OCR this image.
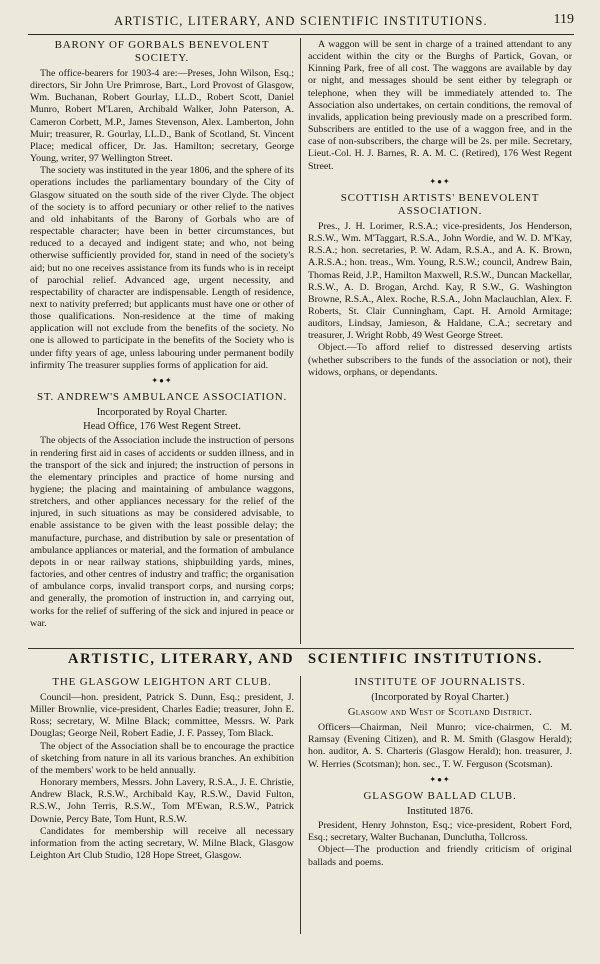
ARTISTIC, LITERARY, AND SCIENTIFIC INSTITUTIONS.	119
BARONY OF GORBALS BENEVOLENT SOCIETY.

The office-bearers for 1903-4 are:—Preses, John Wilson, Esq.; directors, Sir John Ure Primrose, Bart., Lord Provost of Glasgow, Wm. Buchanan, Robert Gourlay, LL.D., Robert Scott, Daniel Munro, Robert M'Laren, Archibald Walker, John Paterson, A. Cameron Corbett, M.P., James Stevenson, Alex. Lamberton, John Muir; treasurer, R. Gourlay, LL.D., Bank of Scotland, St. Vincent Place; medical officer, Dr. Jas. Hamilton; secretary, George Young, writer, 97 Wellington Street.

The society was instituted in the year 1806, and the sphere of its operations includes the parliamentary boundary of the City of Glasgow situated on the south side of the river Clyde. The object of the society is to afford pecuniary or other relief to the natives and old inhabitants of the Barony of Gorbals who are of respectable character; have been in better circumstances, but reduced to a decayed and indigent state; and who, not being otherwise sufficiently provided for, stand in need of the society's aid; but no one receives assistance from its funds who is in receipt of parochial relief. Advanced age, urgent necessity, and respectability of character are indispensable. Length of residence, next to nativity preferred; but applicants must have one or other of those qualifications. Non-residence at the time of making application will not exclude from the benefits of the society. No one is allowed to participate in the benefits of the Society who is under fifty years of age, unless labouring under permanent bodily infirmity The treasurer supplies forms of application for aid.

✦●✦
ST. ANDREW'S AMBULANCE ASSOCIATION.
Incorporated by Royal Charter.
Head Office, 176 West Regent Street.

The objects of the Association include the instruction of persons in rendering first aid in cases of accidents or sudden illness, and in the transport of the sick and injured; the instruction of persons in the elementary principles and practice of home nursing and hygiene; the placing and maintaining of ambulance waggons, stretchers, and other appliances necessary for the relief of the injured, in such situations as may be considered advisable, to enable assistance to be given with the least possible delay; the manufacture, purchase, and distribution by sale or presentation of ambulance appliances or material, and the formation of ambulance depots in or near railway stations, shipbuilding yards, mines, factories, and other centres of industry and traffic; the organisation of ambulance corps, invalid transport corps, and nursing corps; and generally, the promotion of instruction in, and carrying out, works for the relief of suffering of the sick and injured in peace or war.

A waggon will be sent in charge of a trained attendant to any accident within the city or the Burghs of Partick, Govan, or Kinning Park, free of all cost. The waggons are available by day or night, and messages should be sent either by telegraph or telephone, when they will be immediately attended to. The Association also undertakes, on certain conditions, the removal of invalids, application being previously made on a prescribed form. Subscribers are entitled to the use of a waggon free, and in the case of non-subscribers, the charge will be 2s. per mile. Secretary, Lieut.-Col. H. J. Barnes, R. A. M. C. (Retired), 176 West Regent Street.

✦●✦
SCOTTISH ARTISTS' BENEVOLENT ASSOCIATION.

Pres., J. H. Lorimer, R.S.A.; vice-presidents, Jos Henderson, R.S.W., Wm. M'Taggart, R.S.A., John Wordie, and W. D. M'Kay, R.S.A.; hon. secretaries, P. W. Adam, R.S.A., and A. K. Brown, A.R.S.A.; hon. treas., Wm. Young, R.S.W.; council, Andrew Bain, Thomas Reid, J.P., Hamilton Maxwell, R.S.W., Duncan Mackellar, R.S.W., A. D. Brogan, Archd. Kay, R S.W., G. Washington Browne, R.S.A., Alex. Roche, R.S.A., John Maclauchlan, Alex. F. Roberts, St. Clair Cunningham, Capt. H. Arnold Armitage; auditors, Lindsay, Jamieson, & Haldane, C.A.; secretary and treasurer, J. Wright Robb, 49 West George Street.

Object.—To afford relief to distressed deserving artists (whether subscribers to the funds of the association or not), their widows, orphans, or dependants.

ARTISTIC, LITERARY, AND SCIENTIFIC INSTITUTIONS.
THE GLASGOW LEIGHTON ART CLUB.

Council—hon. president, Patrick S. Dunn, Esq.; president, J. Miller Brownlie, vice-president, Charles Eadie; treasurer, John E. Ross; secretary, W. Milne Black; committee, Messrs. W. Park Douglas; George Neil, Robert Eadie, J. F. Passey, Tom Black.

The object of the Association shall be to encourage the practice of sketching from nature in all its various branches. An exhibition of the members' work to be held annually.

Honorary members, Messrs. John Lavery, R.S.A., J. E. Christie, Andrew Black, R.S.W., Archibald Kay, R.S.W., David Fulton, R.S.W., John Terris, R.S.W., Tom M'Ewan, R.S.W., Patrick Downie, Percy Bate, Tom Hunt, R.S.W.

Candidates for membership will receive all necessary information from the acting secretary, W. Milne Black, Glasgow Leighton Art Club Studio, 128 Hope Street, Glasgow.

INSTITUTE OF JOURNALISTS.
(Incorporated by Royal Charter.)
Glasgow and West of Scotland District.

Officers—Chairman, Neil Munro; vice-chairmen, C. M. Ramsay (Evening Citizen), and R. M. Smith (Glasgow Herald); hon. auditor, A. S. Charteris (Glasgow Herald); hon. treasurer, J. W. Herries (Scotsman); hon. sec., T. W. Ferguson (Scotsman).

✦●✦
GLASGOW BALLAD CLUB.
Instituted 1876.

President, Henry Johnston, Esq.; vice-president, Robert Ford, Esq.; secretary, Walter Buchanan, Dunclutha, Tollcross.

Object—The production and friendly criticism of original ballads and poems.
